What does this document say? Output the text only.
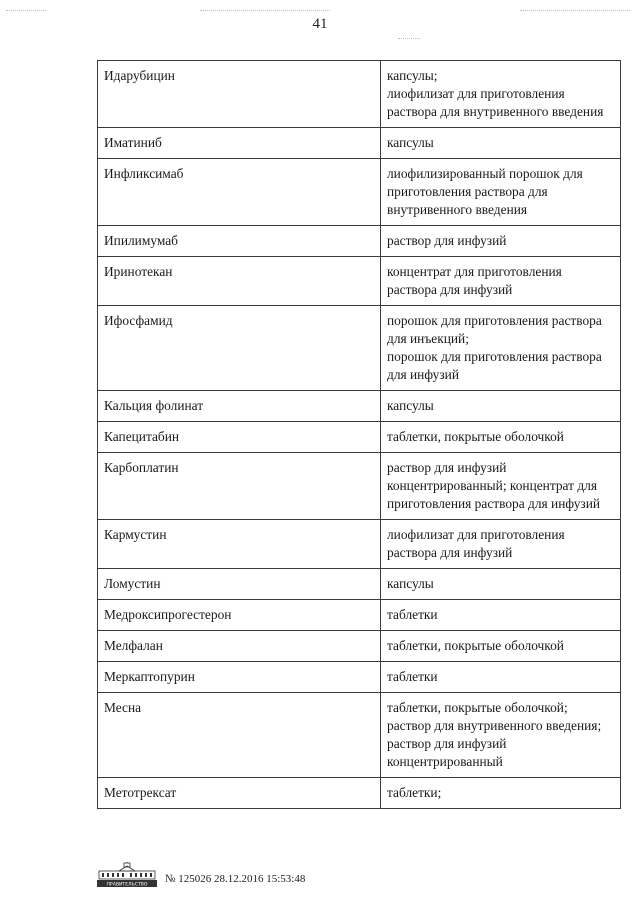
41
Идарубицин	капсулы;
лиофилизат для приготовления раствора для внутривенного введения
Иматиниб	капсулы
Инфликсимаб	лиофилизированный порошок для приготовления раствора для внутривенного введения
Ипилимумаб	раствор для инфузий
Иринотекан	концентрат для приготовления раствора для инфузий
Ифосфамид	порошок для приготовления раствора для инъекций;
порошок для приготовления раствора для инфузий
Кальция фолинат	капсулы
Капецитабин	таблетки, покрытые оболочкой
Карбоплатин	раствор для инфузий концентрированный; концентрат для приготовления раствора для инфузий
Кармустин	лиофилизат для приготовления раствора для инфузий
Ломустин	капсулы
Медроксипрогестерон	таблетки
Мелфалан	таблетки, покрытые оболочкой
Меркаптопурин	таблетки
Месна	таблетки, покрытые оболочкой;
раствор для внутривенного введения;
раствор для инфузий концентрированный
Метотрексат	таблетки;
ПРАВИТЕЛЬСТВО
№ 125026 28.12.2016 15:53:48
